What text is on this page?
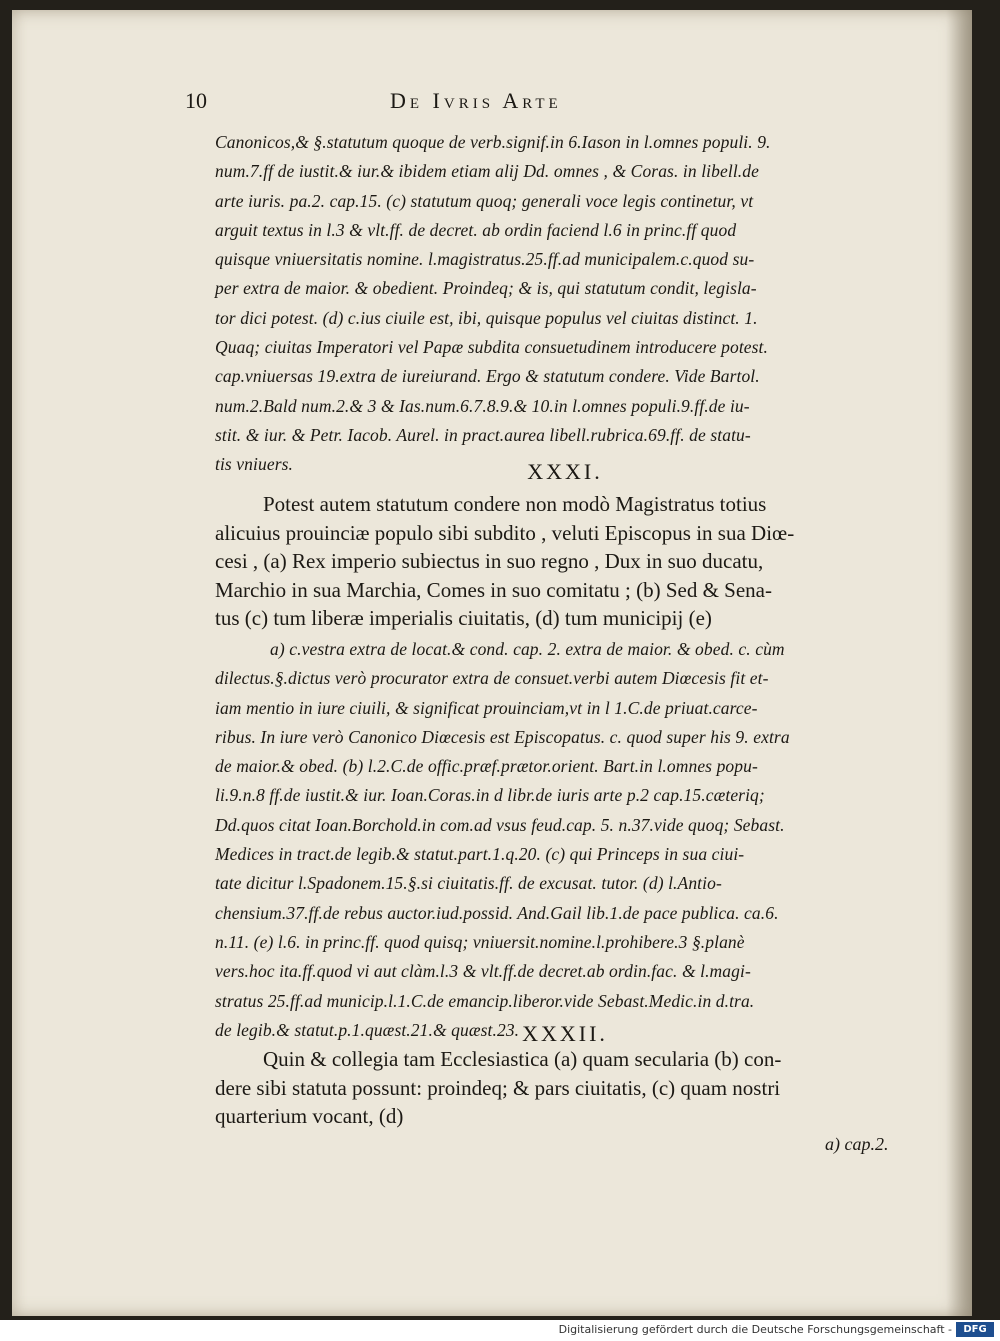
10	De Ivris Arte
Canonicos,& §.statutum quoque de verb.signif.in 6.Iason in l.omnes populi. 9.
num.7.ff de iustit.& iur.& ibidem etiam alij Dd. omnes , & Coras. in libell.de
arte iuris. pa.2. cap.15. (c) statutum quoq; generali voce legis continetur, vt
arguit textus in l.3 & vlt.ff. de decret. ab ordin faciend l.6 in princ.ff quod
quisque vniuersitatis nomine. l.magistratus.25.ff.ad municipalem.c.quod su-
per extra de maior. & obedient. Proindeq; & is, qui statutum condit, legisla-
tor dici potest. (d) c.ius ciuile est, ibi, quisque populus vel ciuitas distinct. 1.
Quaq; ciuitas Imperatori vel Papæ subdita consuetudinem introducere potest.
cap.vniuersas 19.extra de iureiurand. Ergo & statutum condere. Vide Bartol.
num.2.Bald num.2.& 3 & Ias.num.6.7.8.9.& 10.in l.omnes populi.9.ff.de iu-
stit. & iur. & Petr. Iacob. Aurel. in pract.aurea libell.rubrica.69.ff. de statu-
tis vniuers.	XXXI.
Potest autem statutum condere non modò Magistratus totius
alicuius prouinciæ populo sibi subdito , veluti Episcopus in sua Diœ-
cesi , (a) Rex imperio subiectus in suo regno , Dux in suo ducatu,
Marchio in sua Marchia, Comes in suo comitatu ; (b) Sed & Sena-
tus (c) tum liberæ imperialis ciuitatis, (d) tum municipij (e)
a) c.vestra extra de locat.& cond. cap. 2. extra de maior. & obed. c. cùm
dilectus.§.dictus verò procurator extra de consuet.verbi autem Diœcesis fit et-
iam mentio in iure ciuili, & significat prouinciam,vt in l 1.C.de priuat.carce-
ribus. In iure verò Canonico Diœcesis est Episcopatus. c. quod super his 9. extra
de maior.& obed. (b) l.2.C.de offic.præf.prætor.orient. Bart.in l.omnes popu-
li.9.n.8 ff.de iustit.& iur. Ioan.Coras.in d libr.de iuris arte p.2 cap.15.cæteriq;
Dd.quos citat Ioan.Borchold.in com.ad vsus feud.cap. 5. n.37.vide quoq; Sebast.
Medices in tract.de legib.& statut.part.1.q.20. (c) qui Princeps in sua ciui-
tate dicitur l.Spadonem.15.§.si ciuitatis.ff. de excusat. tutor. (d) l.Antio-
chensium.37.ff.de rebus auctor.iud.possid. And.Gail lib.1.de pace publica. ca.6.
n.11. (e) l.6. in princ.ff. quod quisq; vniuersit.nomine.l.prohibere.3 §.planè
vers.hoc ita.ff.quod vi aut clàm.l.3 & vlt.ff.de decret.ab ordin.fac. & l.magi-
stratus 25.ff.ad municip.l.1.C.de emancip.liberor.vide Sebast.Medic.in d.tra.
de legib.& statut.p.1.quæst.21.& quæst.23. XXXII.
Quin & collegia tam Ecclesiastica (a) quam secularia (b) con-
dere sibi statuta possunt: proindeq; & pars ciuitatis, (c) quam nostri
quarterium vocant, (d)
a) cap.2.
Digitalisierung gefördert durch die Deutsche Forschungsgemeinschaft -	DFG
